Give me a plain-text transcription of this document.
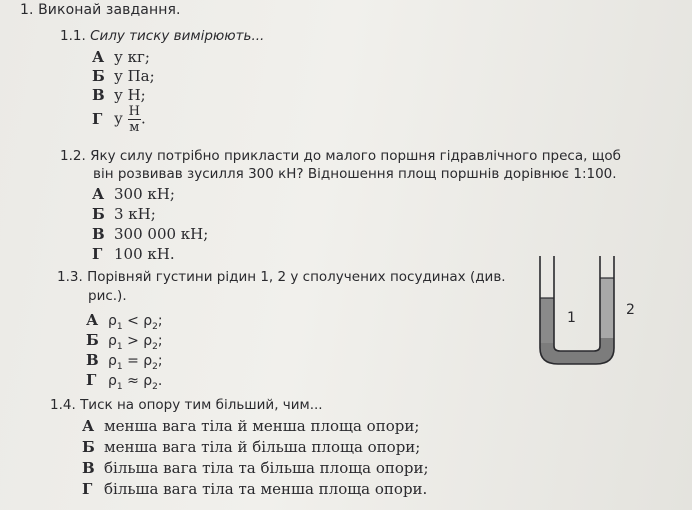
1. Виконай завдання.
1.1. Силу тиску вимірюють...
А у кг;
Б у Па;
В у Н;
Г у $\frac{Н}{м}$ .
1.2. Яку силу потрібно прикласти до малого поршня гідравлічного преса, щоб
він розвивав зусилля 300 кН? Відношення площ поршнів дорівнює 1:100.
А 300 кН;
Б 3 кН;
В 300 000 кН;
Г 100 кН.
1.3. Порівняй густини рідин 1, 2 у сполучених посудинах (див.
рис.).
А $\rho_1 < \rho_2$;
Б $\rho_1 > \rho_2$;
В $\rho_1 = \rho_2$;
Г $\rho_1 \approx \rho_2$.
1	2
1.4. Тиск на опору тим більший, чим...
А менша вага тіла й менша площа опори;
Б менша вага тіла й більша площа опори;
В більша вага тіла та більша площа опори;
Г більша вага тіла та менша площа опори.
